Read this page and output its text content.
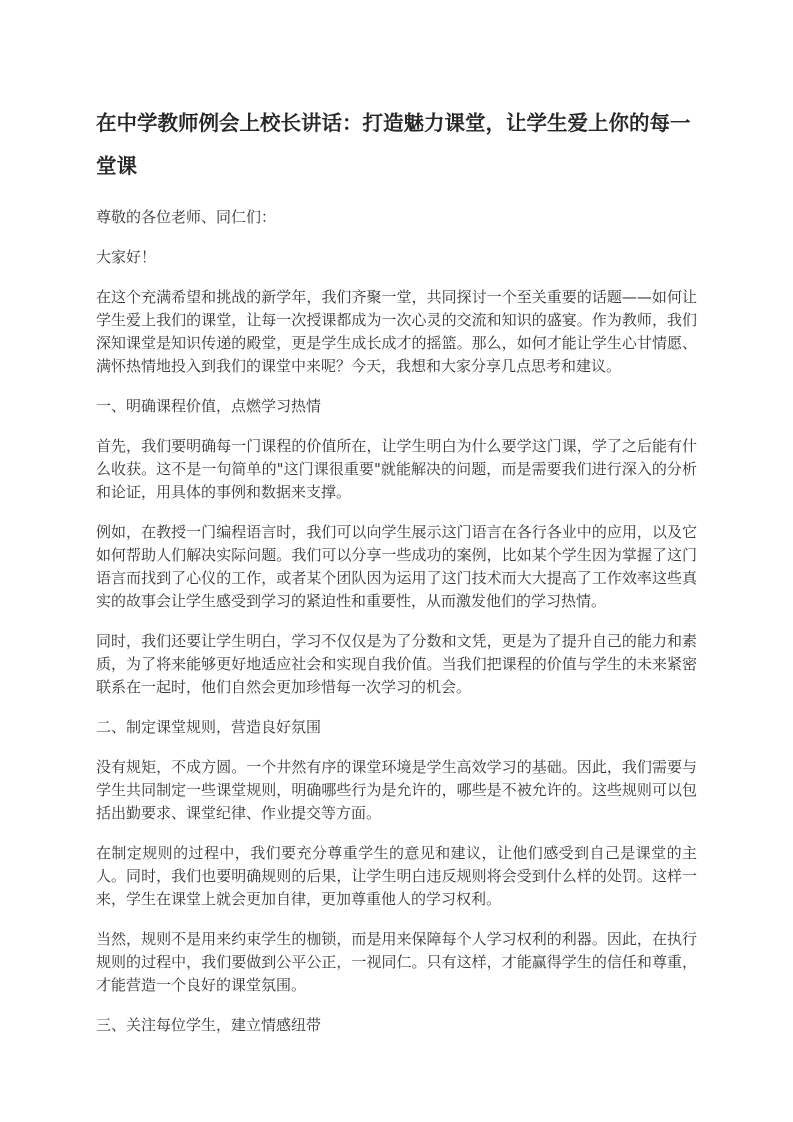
在中学教师例会上校长讲话：打造魅力课堂，让学生爱上你的每一堂课

尊敬的各位老师、同仁们：

大家好！

在这个充满希望和挑战的新学年，我们齐聚一堂，共同探讨一个至关重要的话题——如何让学生爱上我们的课堂，让每一次授课都成为一次心灵的交流和知识的盛宴。作为教师，我们深知课堂是知识传递的殿堂，更是学生成长成才的摇篮。那么，如何才能让学生心甘情愿、满怀热情地投入到我们的课堂中来呢？今天，我想和大家分享几点思考和建议。

一、明确课程价值，点燃学习热情

首先，我们要明确每一门课程的价值所在，让学生明白为什么要学这门课，学了之后能有什么收获。这不是一句简单的"这门课很重要"就能解决的问题，而是需要我们进行深入的分析和论证，用具体的事例和数据来支撑。

例如，在教授一门编程语言时，我们可以向学生展示这门语言在各行各业中的应用，以及它如何帮助人们解决实际问题。我们可以分享一些成功的案例，比如某个学生因为掌握了这门语言而找到了心仪的工作，或者某个团队因为运用了这门技术而大大提高了工作效率这些真实的故事会让学生感受到学习的紧迫性和重要性，从而激发他们的学习热情。

同时，我们还要让学生明白，学习不仅仅是为了分数和文凭，更是为了提升自己的能力和素质，为了将来能够更好地适应社会和实现自我价值。当我们把课程的价值与学生的未来紧密联系在一起时，他们自然会更加珍惜每一次学习的机会。

二、制定课堂规则，营造良好氛围

没有规矩，不成方圆。一个井然有序的课堂环境是学生高效学习的基础。因此，我们需要与学生共同制定一些课堂规则，明确哪些行为是允许的，哪些是不被允许的。这些规则可以包括出勤要求、课堂纪律、作业提交等方面。

在制定规则的过程中，我们要充分尊重学生的意见和建议，让他们感受到自己是课堂的主人。同时，我们也要明确规则的后果，让学生明白违反规则将会受到什么样的处罚。这样一来，学生在课堂上就会更加自律，更加尊重他人的学习权利。

当然，规则不是用来约束学生的枷锁，而是用来保障每个人学习权利的利器。因此，在执行规则的过程中，我们要做到公平公正，一视同仁。只有这样，才能赢得学生的信任和尊重，才能营造一个良好的课堂氛围。

三、关注每位学生，建立情感纽带
